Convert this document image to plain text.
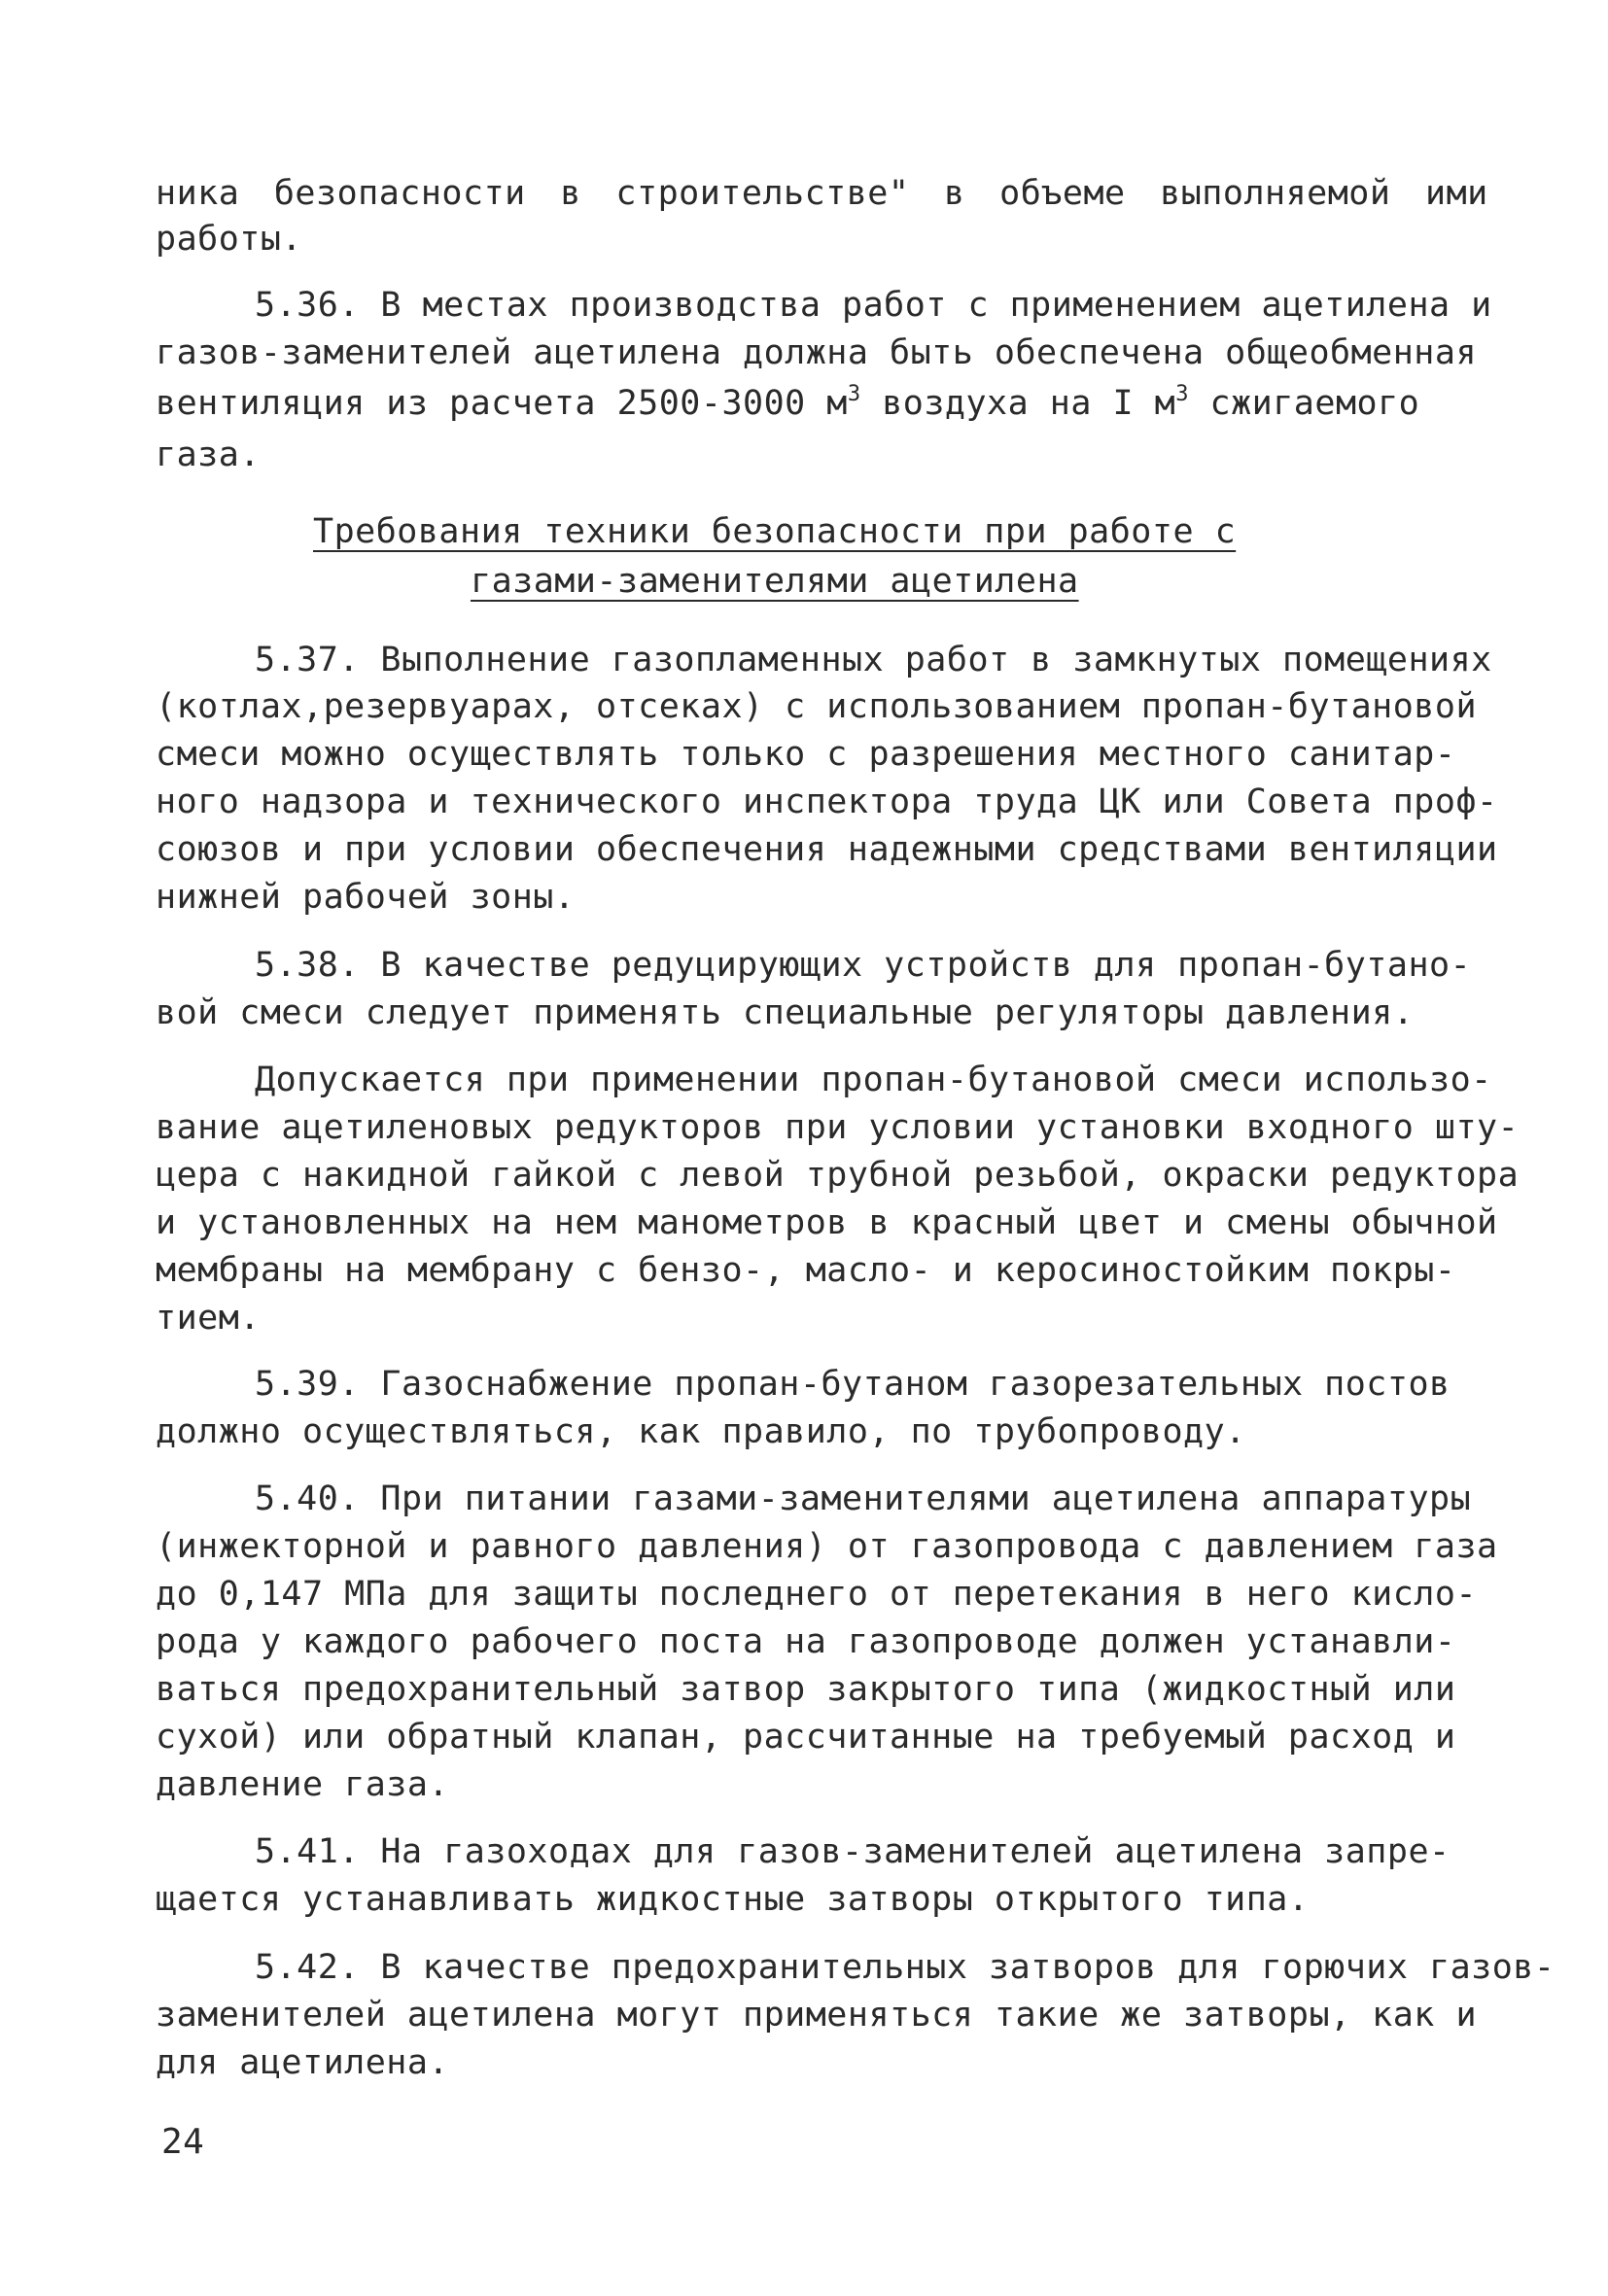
ника безопасности в строительстве" в объеме выполняемой ими
работы.
5.36. В местах производства работ с применением ацетилена и
газов-заменителей ацетилена должна быть обеспечена общеобменная
вентиляция из расчета 2500-3000 $м^3$ воздуха на I $м^3$ сжигаемого
газа.
Требования техники безопасности при работе с
газами-заменителями ацетилена
5.37. Выполнение газопламенных работ в замкнутых помещениях
(котлах,резервуарах, отсеках) с использованием пропан-бутановой
смеси можно осуществлять только с разрешения местного санитар-
ного надзора и технического инспектора труда ЦК или Совета проф-
союзов и при условии обеспечения надежными средствами вентиляции
нижней рабочей зоны.
5.38. В качестве редуцирующих устройств для пропан-бутано-
вой смеси следует применять специальные регуляторы давления.
Допускается при применении пропан-бутановой смеси использо-
вание ацетиленовых редукторов при условии установки входного шту-
цера с накидной гайкой с левой трубной резьбой, окраски редуктора
и установленных на нем манометров в красный цвет и смены обычной
мембраны на мембрану с бензо-, масло- и керосиностойким покры-
тием.
5.39. Газоснабжение пропан-бутаном газорезательных постов
должно осуществляться, как правило, по трубопроводу.
5.40. При питании газами-заменителями ацетилена аппаратуры
(инжекторной и равного давления) от газопровода с давлением газа
до 0,147 МПа для защиты последнего от перетекания в него кисло-
рода у каждого рабочего поста на газопроводе должен устанавли-
ваться предохранительный затвор закрытого типа (жидкостный или
сухой) или обратный клапан, рассчитанные на требуемый расход и
давление газа.
5.41. На газоходах для газов-заменителей ацетилена запре-
щается устанавливать жидкостные затворы открытого типа.
5.42. В качестве предохранительных затворов для горючих газов-
заменителей ацетилена могут применяться такие же затворы, как и
для ацетилена.
24
